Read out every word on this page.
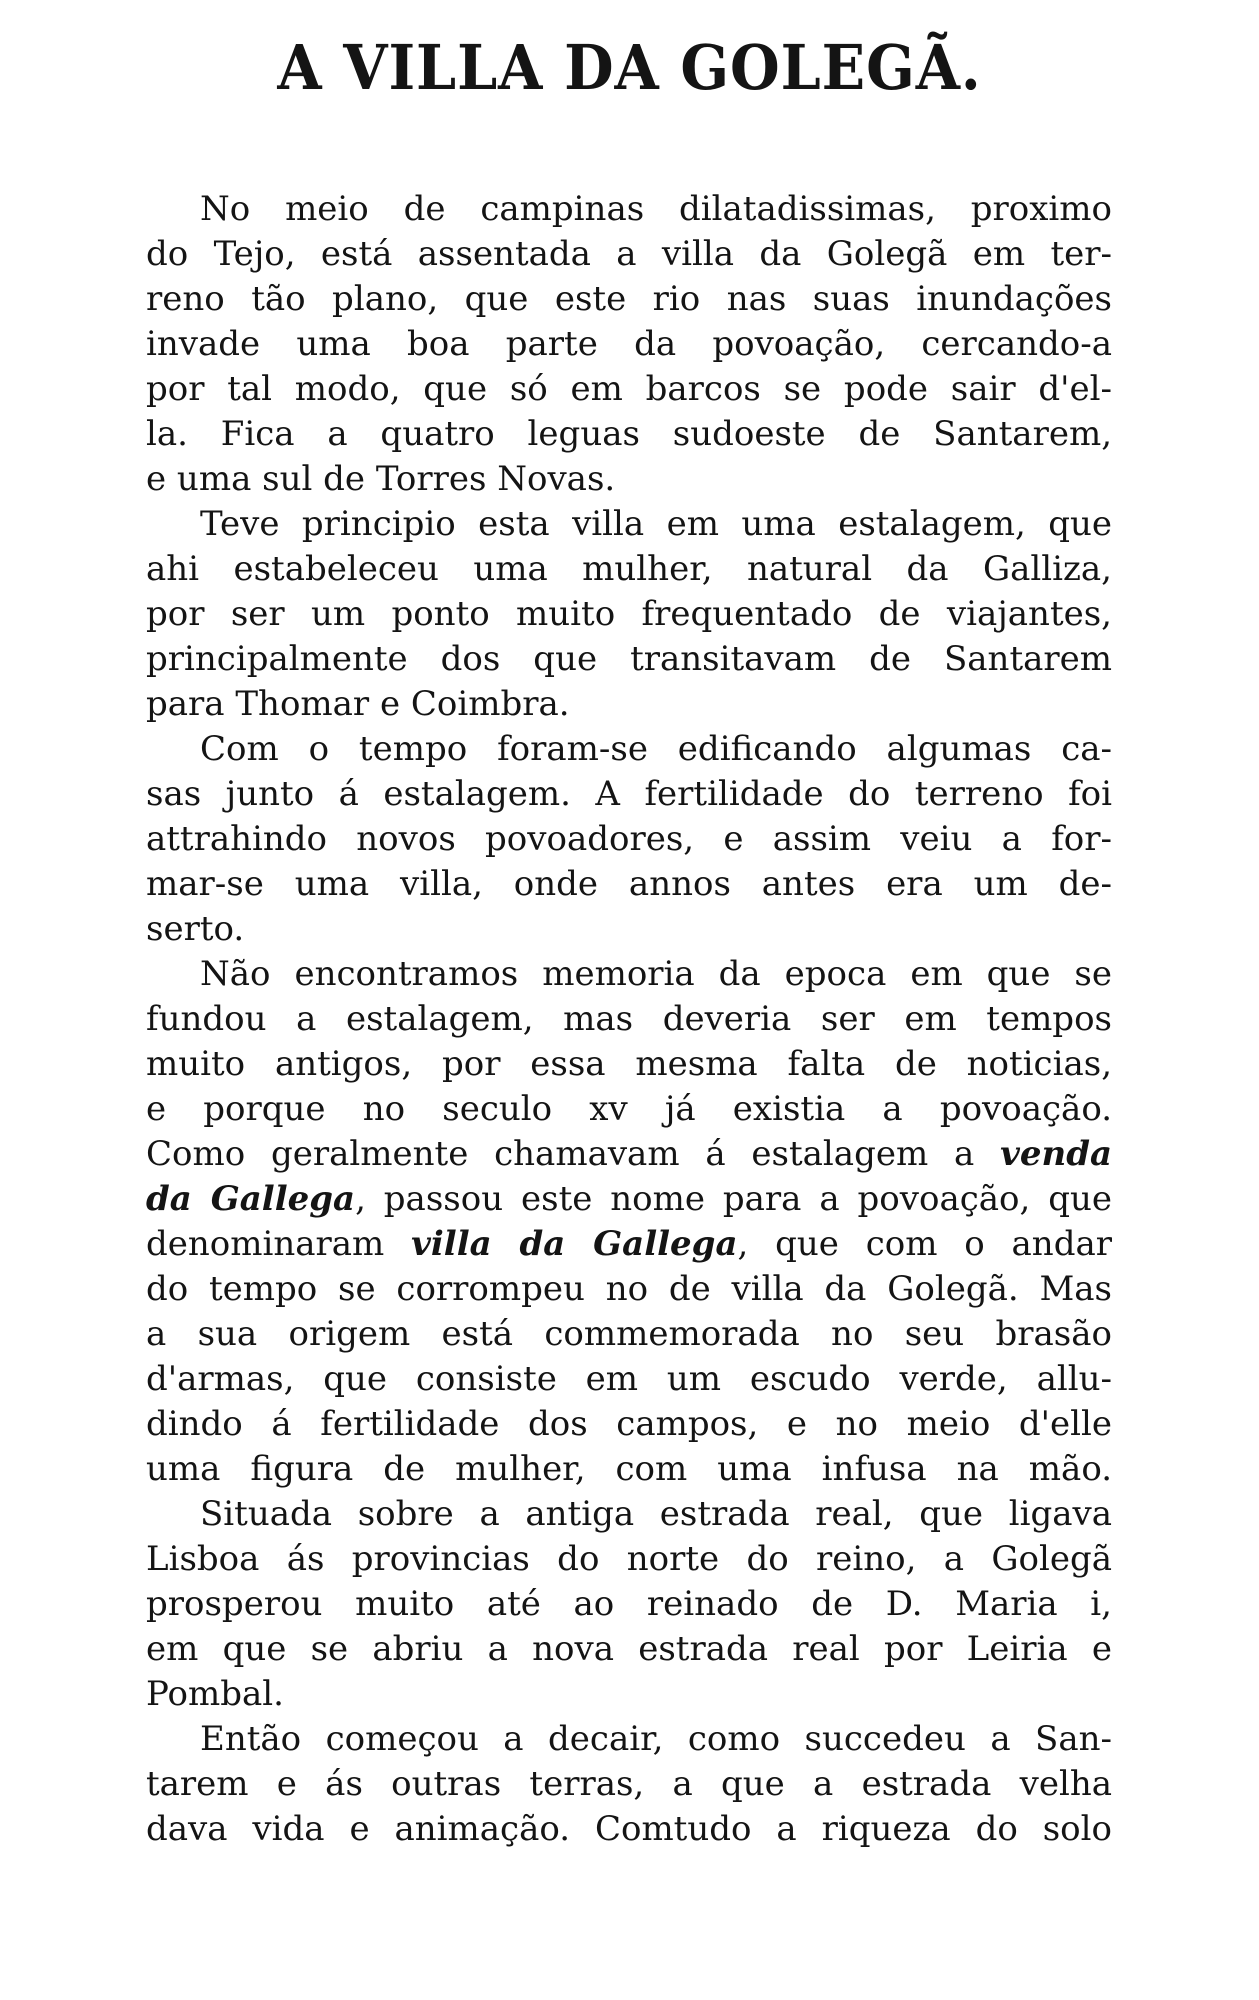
A VILLA DA GOLEGÃ.
No meio de campinas dilatadissimas, proximo
do Tejo, está assentada a villa da Golegã em ter-
reno tão plano, que este rio nas suas inundações
invade uma boa parte da povoação, cercando-a
por tal modo, que só em barcos se pode sair d'el-
la. Fica a quatro leguas sudoeste de Santarem,
e uma sul de Torres Novas.
Teve principio esta villa em uma estalagem, que
ahi estabeleceu uma mulher, natural da Galliza,
por ser um ponto muito frequentado de viajantes,
principalmente dos que transitavam de Santarem
para Thomar e Coimbra.
Com o tempo foram-se edificando algumas ca-
sas junto á estalagem. A fertilidade do terreno foi
attrahindo novos povoadores, e assim veiu a for-
mar-se uma villa, onde annos antes era um de-
serto.
Não encontramos memoria da epoca em que se
fundou a estalagem, mas deveria ser em tempos
muito antigos, por essa mesma falta de noticias,
e porque no seculo xv já existia a povoação.
Como geralmente chamavam á estalagem a venda
da Gallega, passou este nome para a povoação, que
denominaram villa da Gallega, que com o andar
do tempo se corrompeu no de villa da Golegã. Mas
a sua origem está commemorada no seu brasão
d'armas, que consiste em um escudo verde, allu-
dindo á fertilidade dos campos, e no meio d'elle
uma figura de mulher, com uma infusa na mão.
Situada sobre a antiga estrada real, que ligava
Lisboa ás provincias do norte do reino, a Golegã
prosperou muito até ao reinado de D. Maria i,
em que se abriu a nova estrada real por Leiria e
Pombal.
Então começou a decair, como succedeu a San-
tarem e ás outras terras, a que a estrada velha
dava vida e animação. Comtudo a riqueza do solo
